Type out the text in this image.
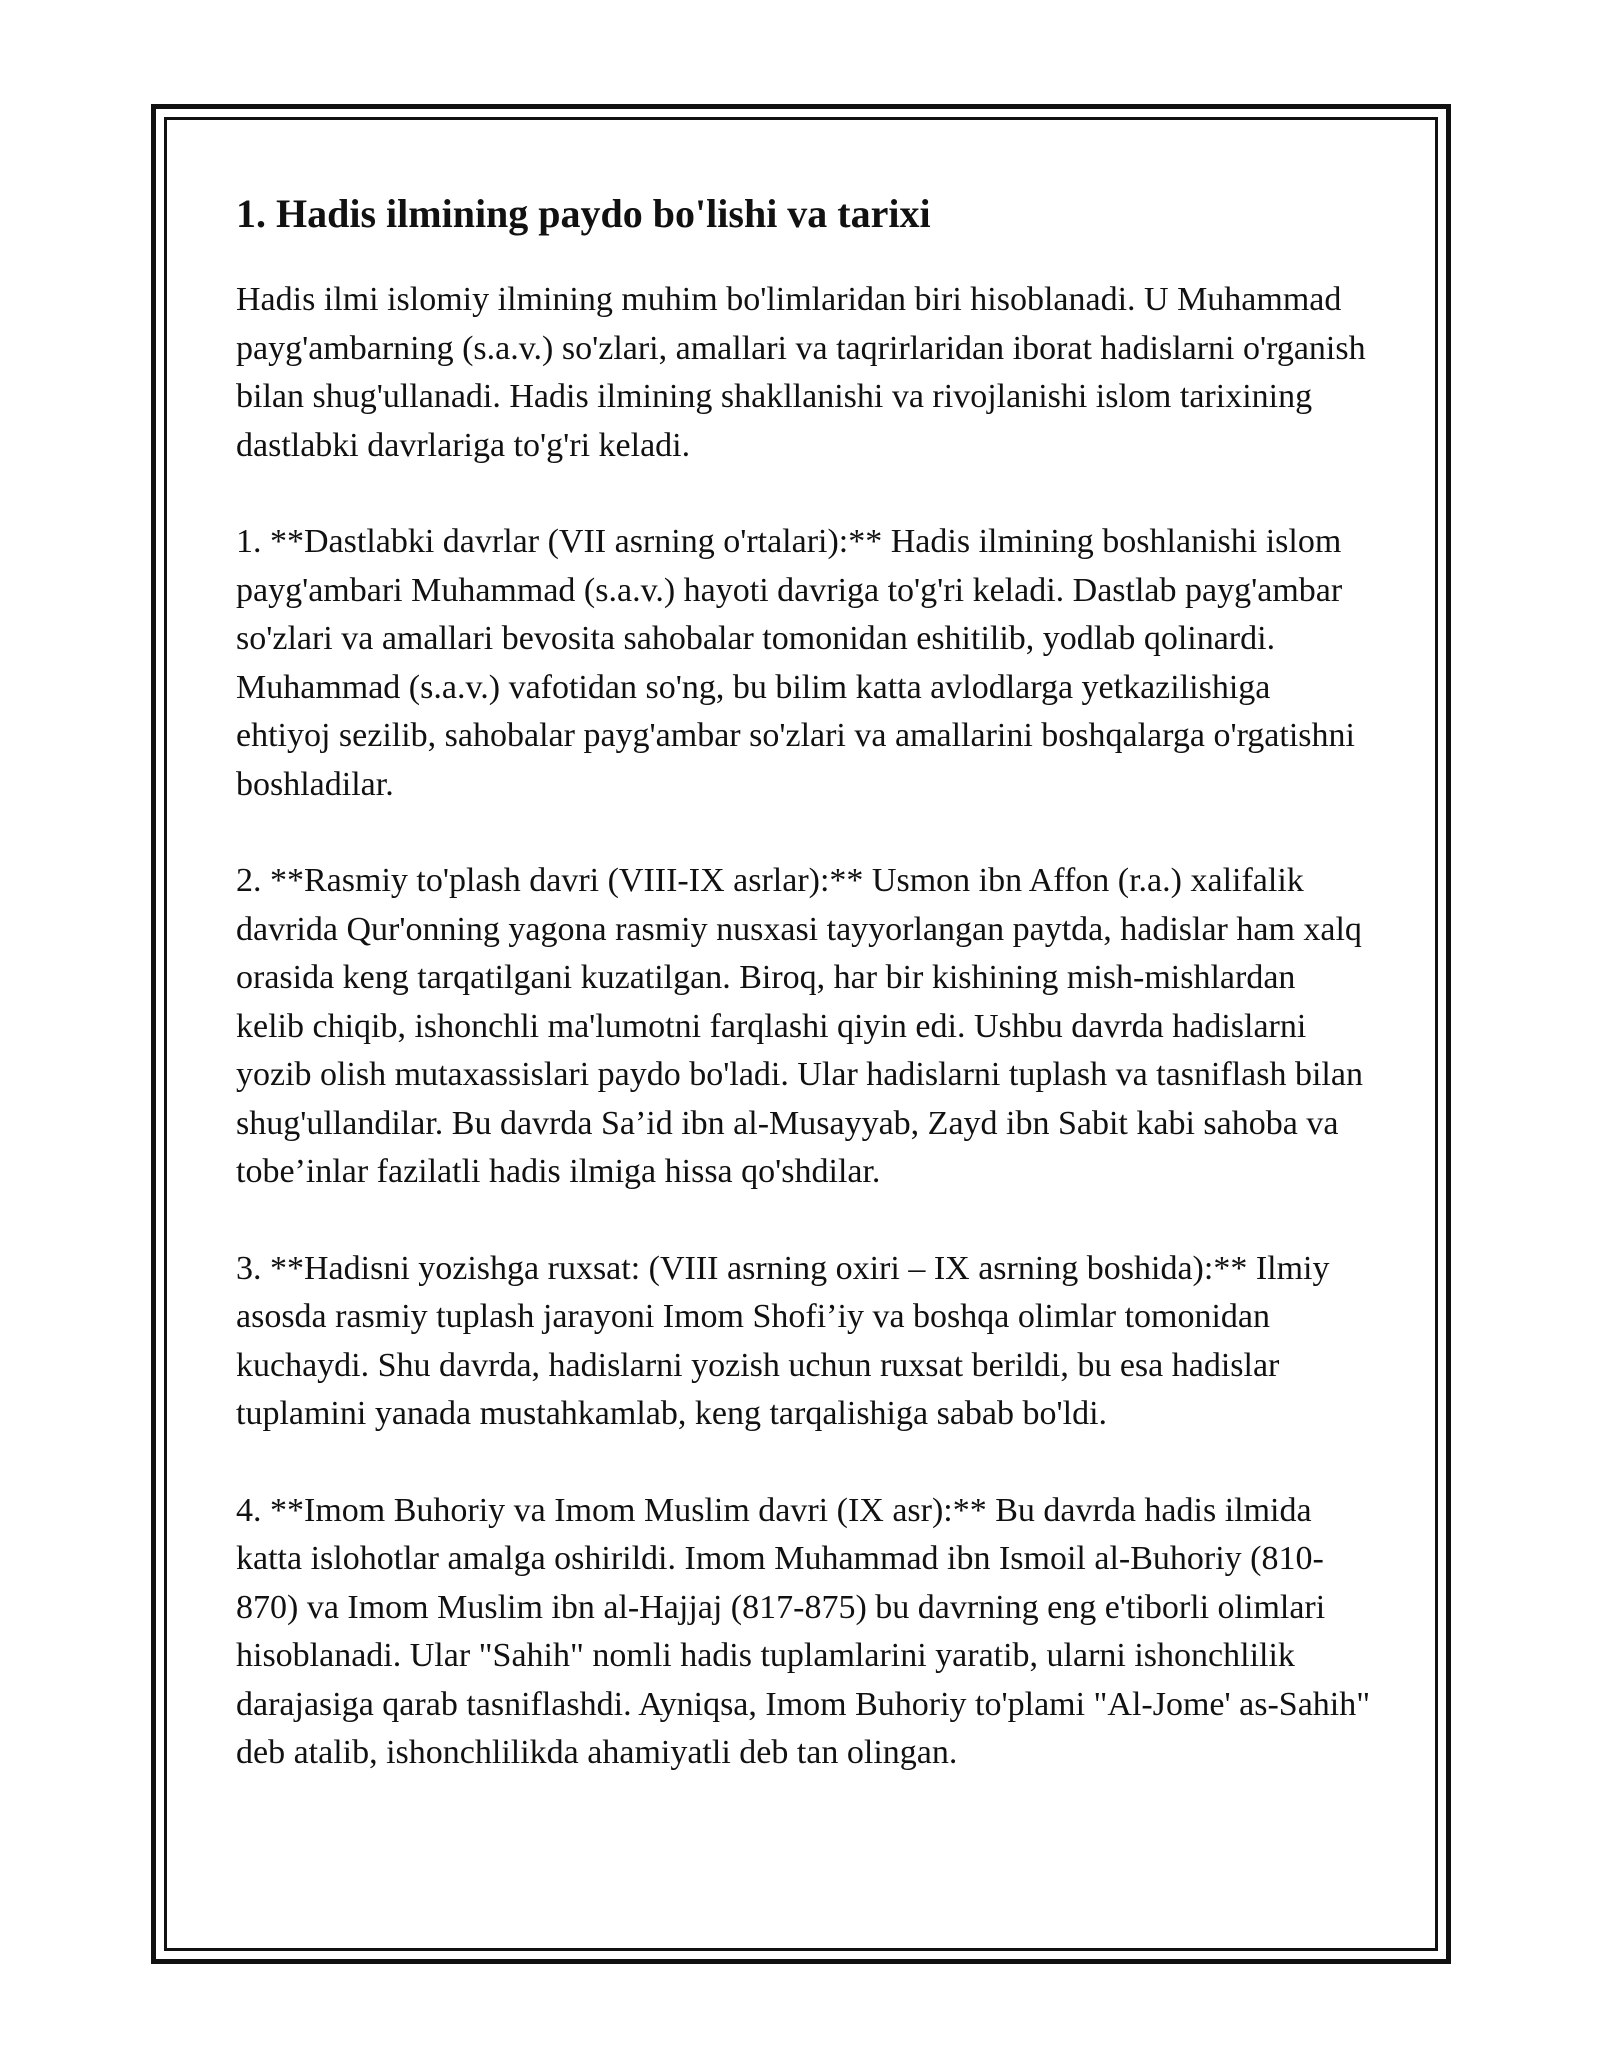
1. Hadis ilmining paydo bo'lishi va tarixi

Hadis ilmi islomiy ilmining muhim bo'limlaridan biri hisoblanadi. U Muhammad payg'ambarning (s.a.v.) so'zlari, amallari va taqrirlaridan iborat hadislarni o'rganish bilan shug'ullanadi. Hadis ilmining shakllanishi va rivojlanishi islom tarixining dastlabki davrlariga to'g'ri keladi.

1. **Dastlabki davrlar (VII asrning o'rtalari):** Hadis ilmining boshlanishi islom payg'ambari Muhammad (s.a.v.) hayoti davriga to'g'ri keladi. Dastlab payg'ambar so'zlari va amallari bevosita sahobalar tomonidan eshitilib, yodlab qolinardi. Muhammad (s.a.v.) vafotidan so'ng, bu bilim katta avlodlarga yetkazilishiga ehtiyoj sezilib, sahobalar payg'ambar so'zlari va amallarini boshqalarga o'rgatishni boshladilar.

2. **Rasmiy to'plash davri (VIII-IX asrlar):** Usmon ibn Affon (r.a.) xalifalik davrida Qur'onning yagona rasmiy nusxasi tayyorlangan paytda, hadislar ham xalq orasida keng tarqatilgani kuzatilgan. Biroq, har bir kishining mish-mishlardan kelib chiqib, ishonchli ma'lumotni farqlashi qiyin edi. Ushbu davrda hadislarni yozib olish mutaxassislari paydo bo'ladi. Ular hadislarni tuplash va tasniflash bilan shug'ullandilar. Bu davrda Sa’id ibn al-Musayyab, Zayd ibn Sabit kabi sahoba va tobe’inlar fazilatli hadis ilmiga hissa qo'shdilar.

3. **Hadisni yozishga ruxsat: (VIII asrning oxiri – IX asrning boshida):** Ilmiy asosda rasmiy tuplash jarayoni Imom Shofi’iy va boshqa olimlar tomonidan kuchaydi. Shu davrda, hadislarni yozish uchun ruxsat berildi, bu esa hadislar tuplamini yanada mustahkamlab, keng tarqalishiga sabab bo'ldi.

4. **Imom Buhoriy va Imom Muslim davri (IX asr):** Bu davrda hadis ilmida katta islohotlar amalga oshirildi. Imom Muhammad ibn Ismoil al-Buhoriy (810-870) va Imom Muslim ibn al-Hajjaj (817-875) bu davrning eng e'tiborli olimlari hisoblanadi. Ular "Sahih" nomli hadis tuplamlarini yaratib, ularni ishonchlilik darajasiga qarab tasniflashdi. Ayniqsa, Imom Buhoriy to'plami "Al-Jome' as-Sahih" deb atalib, ishonchlilikda ahamiyatli deb tan olingan.
